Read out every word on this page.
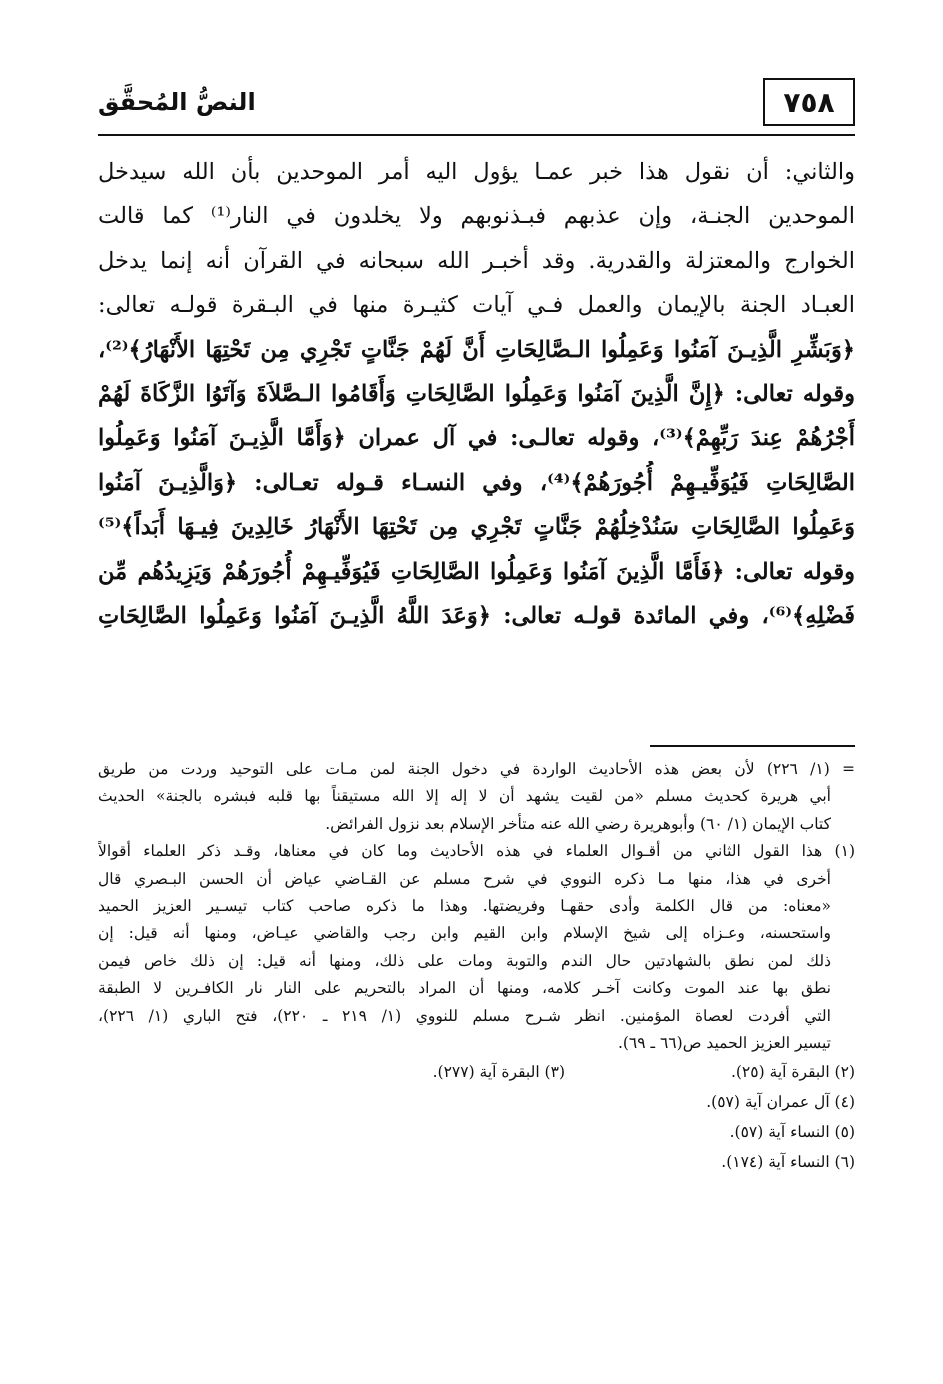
٧٥٨
النصُّ المُحقَّق
والثاني: أن نقول هذا خبر عمـا يؤول اليه أمر الموحدين بأن الله سيدخل
الموحدين الجنـة، وإن عذبهم فبـذنوبهم ولا يخلدون في النار⁽¹⁾ كما قالت
الخوارج والمعتزلة والقدرية. وقد أخبـر الله سبحانه في القرآن أنه إنما يدخل
العبـاد الجنة بالإيمان والعمل فـي آيات كثيـرة منها في البـقرة قولـه تعالى:
﴿وَبَشِّرِ الَّذِيـنَ آمَنُوا وَعَمِلُوا الـصَّالِحَاتِ أَنَّ لَهُمْ جَنَّاتٍ تَجْرِي مِن تَحْتِهَا الأَنْهَارُ﴾⁽²⁾،
وقوله تعالى: ﴿إِنَّ الَّذِينَ آمَنُوا وَعَمِلُوا الصَّالِحَاتِ وَأَقَامُوا الـصَّلاَةَ وَآتَوُا الزَّكَاةَ لَهُمْ
أَجْرُهُمْ عِندَ رَبِّهِمْ﴾⁽³⁾، وقوله تعالـى: في آل عمران ﴿وَأَمَّا الَّذِيـنَ آمَنُوا وَعَمِلُوا
الصَّالِحَاتِ فَيُوَفِّيـهِمْ أُجُورَهُمْ﴾⁽⁴⁾، وفي النسـاء قـوله تعـالى: ﴿وَالَّذِيـنَ آمَنُوا
وَعَمِلُوا الصَّالِحَاتِ سَنُدْخِلُهُمْ جَنَّاتٍ تَجْرِي مِن تَحْتِهَا الأَنْهَارُ خَالِدِينَ فِيـهَا أَبَداً﴾⁽⁵⁾
وقوله تعالى: ﴿فَأَمَّا الَّذِينَ آمَنُوا وَعَمِلُوا الصَّالِحَاتِ فَيُوَفِّيـهِمْ أُجُورَهُمْ وَيَزِيدُهُم مِّن
فَضْلِهِ﴾⁽⁶⁾، وفي المائدة قولـه تعالى: ﴿وَعَدَ اللَّهُ الَّذِيـنَ آمَنُوا وَعَمِلُوا الصَّالِحَاتِ
= (١/ ٢٢٦) لأن بعض هذه الأحاديث الواردة في دخول الجنة لمن مـات على التوحيد وردت من طريق
أبي هريرة كحديث مسلم «من لقيت يشهد أن لا إله إلا الله مستيقناً بها قلبه فبشره بالجنة» الحديث
كتاب الإيمان (١/ ٦٠) وأبوهريرة رضي الله عنه متأخر الإسلام بعد نزول الفرائض.
(١) هذا القول الثاني من أقـوال العلماء في هذه الأحاديث وما كان في معناها، وقـد ذكر العلماء أقوالاً
أخرى في هذا، منها مـا ذكره النووي في شرح مسلم عن القـاضي عياض أن الحسن البـصري قال
«معناه: من قال الكلمة وأدى حقهـا وفريضتها. وهذا ما ذكره صاحب كتاب تيسـير العزيز الحميد
واستحسنه، وعـزاه إلى شيخ الإسلام وابن القيم وابن رجب والقاضي عيـاض، ومنها أنه قيل: إن
ذلك لمن نطق بالشهادتين حال الندم والتوبة ومات على ذلك، ومنها أنه قيل: إن ذلك خاص فيمن
نطق بها عند الموت وكانت آخـر كلامه، ومنها أن المراد بالتحريم على النار نار الكافـرين لا الطبقة
التي أفردت لعصاة المؤمنين. انظر شـرح مسلم للنووي (١/ ٢١٩ ـ ٢٢٠)، فتح الباري (١/ ٢٢٦)،
تيسير العزيز الحميد ص(٦٦ ـ ٦٩).
(٢) البقرة آية (٢٥).
(٣) البقرة آية (٢٧٧).
(٤) آل عمران آية (٥٧).
(٥) النساء آية (٥٧).
(٦) النساء آية (١٧٤).
